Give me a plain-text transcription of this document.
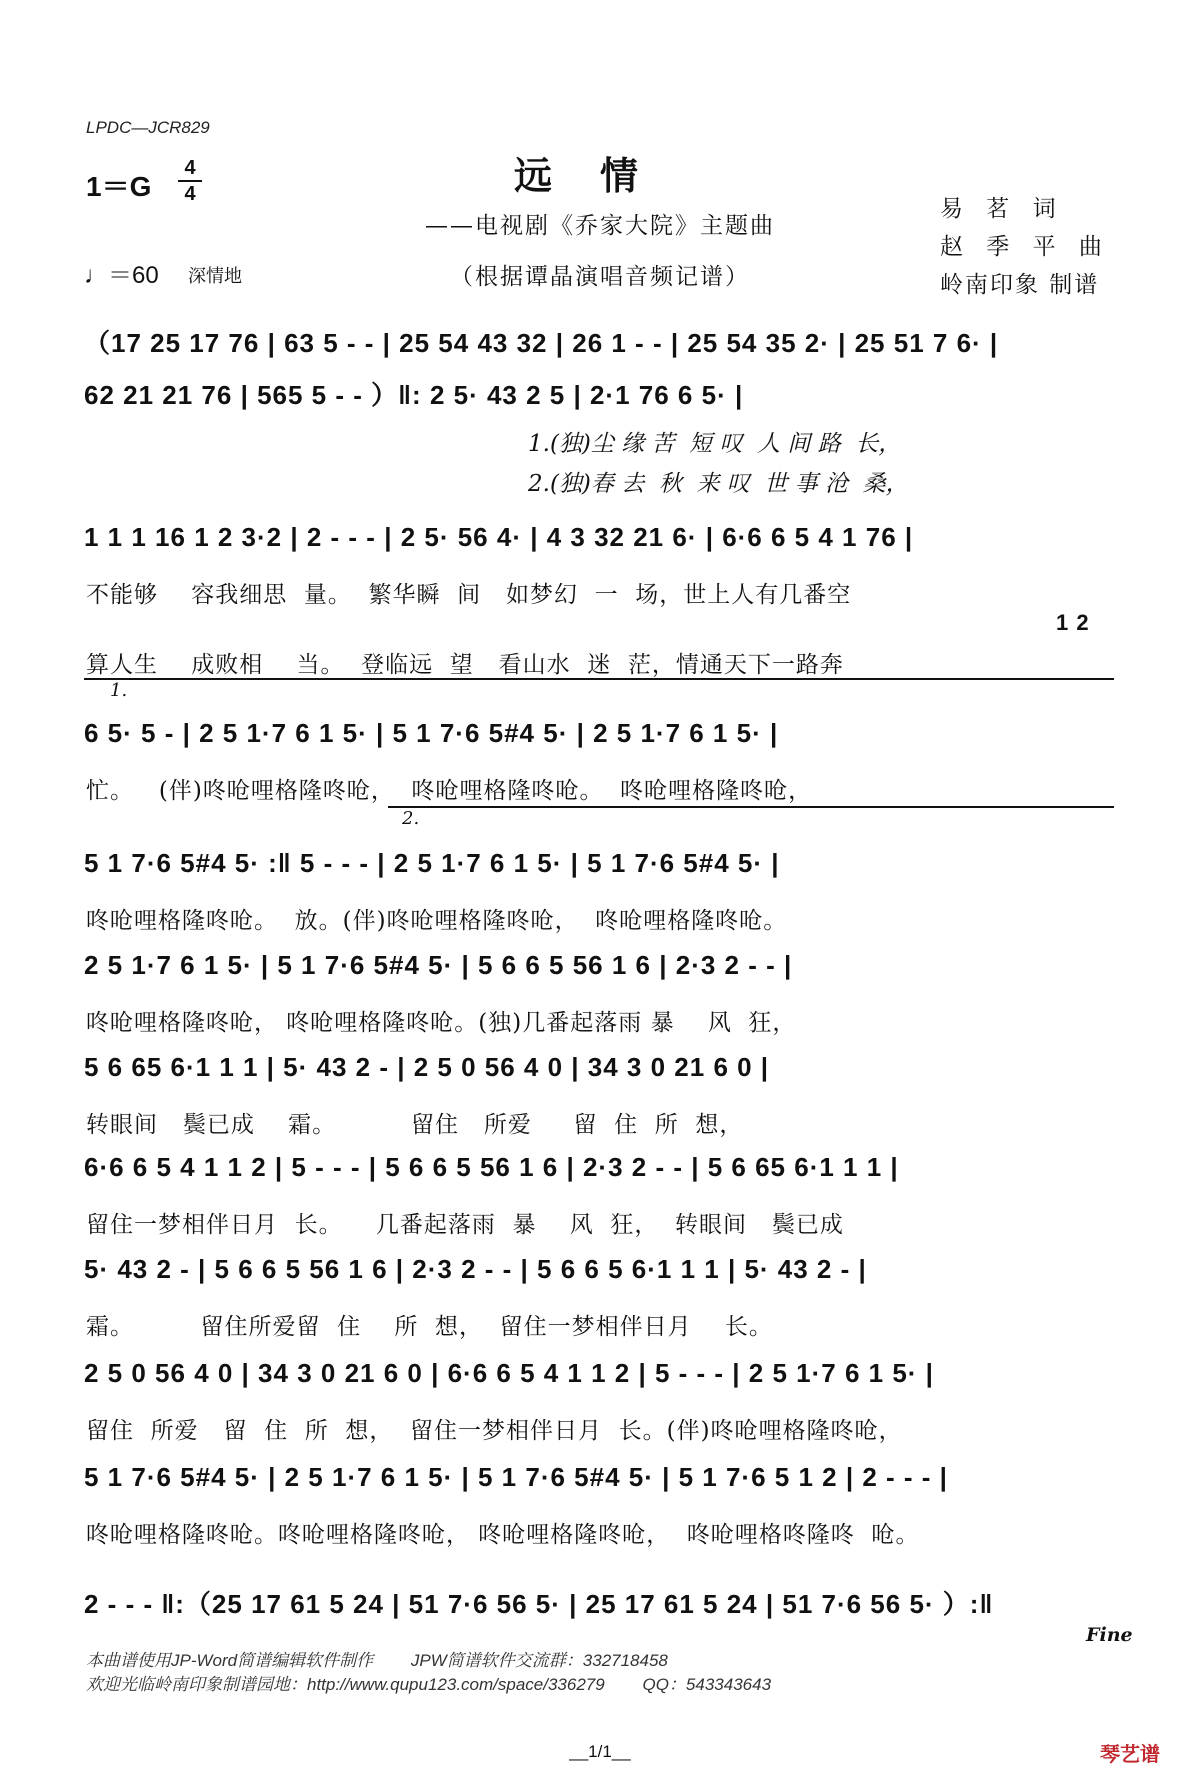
LPDC—JCR829
远情
——电视剧《乔家大院》主题曲
（根据谭晶演唱音频记谱）
易 茗 词
赵 季 平 曲
岭南印象 制谱
1＝G
4
4
♩＝60 深情地
（17 25 17 76 | 63 5 - - | 25 54 43 32 | 26 1 - - | 25 54 35 2· | 25 51 7 6· |
62 21 21 76 | 565 5 - - ）‖: 2 5· 43 2 5 | 2·1 76 6 5· |
1.(独)尘 缘 苦  短 叹  人 间 路  长，
2.(独)春 去  秋  来 叹  世 事 沧  桑，
1 1 1 16 1 2 3·2 | 2 - - - | 2 5· 56 4· | 4 3 32 21 6· | 6·6 6 5 4 1 76 |
不能够    容我细思  量。  繁华瞬  间   如梦幻  一  场，世上人有几番空
1 2
算人生    成败相    当。  登临远  望   看山水  迷  茫，情通天下一路奔
1.
6 5· 5 - | 2 5 1·7 6 1 5· | 5 1 7·6 5#4 5· | 2 5 1·7 6 1 5· |
忙。   (伴)咚呛哩格隆咚呛，  咚呛哩格隆咚呛。  咚呛哩格隆咚呛，
2.
5 1 7·6 5#4 5· :‖ 5 - - - | 2 5 1·7 6 1 5· | 5 1 7·6 5#4 5· |
咚呛哩格隆咚呛。  放。(伴)咚呛哩格隆咚呛，  咚呛哩格隆咚呛。
2 5 1·7 6 1 5· | 5 1 7·6 5#4 5· | 5 6 6 5 56 1 6 | 2·3 2 - - |
咚呛哩格隆咚呛， 咚呛哩格隆咚呛。(独)几番起落雨 暴    风  狂，
5 6 65 6·1 1 1 | 5· 43 2 - | 2 5 0 56 4 0 | 34 3 0 21 6 0 |
转眼间   鬓已成    霜。         留住   所爱     留  住  所  想，
6·6 6 5 4 1 1 2 | 5 - - - | 5 6 6 5 56 1 6 | 2·3 2 - - | 5 6 65 6·1 1 1 |
留住一梦相伴日月  长。    几番起落雨  暴    风  狂，  转眼间   鬓已成
5· 43 2 - | 5 6 6 5 56 1 6 | 2·3 2 - - | 5 6 6 5 6·1 1 1 | 5· 43 2 - |
霜。        留住所爱留  住    所  想，  留住一梦相伴日月    长。
2 5 0 56 4 0 | 34 3 0 21 6 0 | 6·6 6 5 4 1 1 2 | 5 - - - | 2 5 1·7 6 1 5· |
留住  所爱   留  住  所  想，  留住一梦相伴日月  长。(伴)咚呛哩格隆咚呛，
5 1 7·6 5#4 5· | 2 5 1·7 6 1 5· | 5 1 7·6 5#4 5· | 5 1 7·6 5 1 2 | 2 - - - |
咚呛哩格隆咚呛。咚呛哩格隆咚呛， 咚呛哩格隆咚呛，  咚呛哩格咚隆咚  呛。
2 - - - ‖:（25 17 61 5 24 | 51 7·6 56 5· | 25 17 61 5 24 | 51 7·6 56 5· ）:‖
Fine
本曲谱使用JP-Word简谱编辑软件制作        JPW简谱软件交流群：332718458
欢迎光临岭南印象制谱园地：http://www.qupu123.com/space/336279        QQ：543343643
__1/1__	琴艺谱
